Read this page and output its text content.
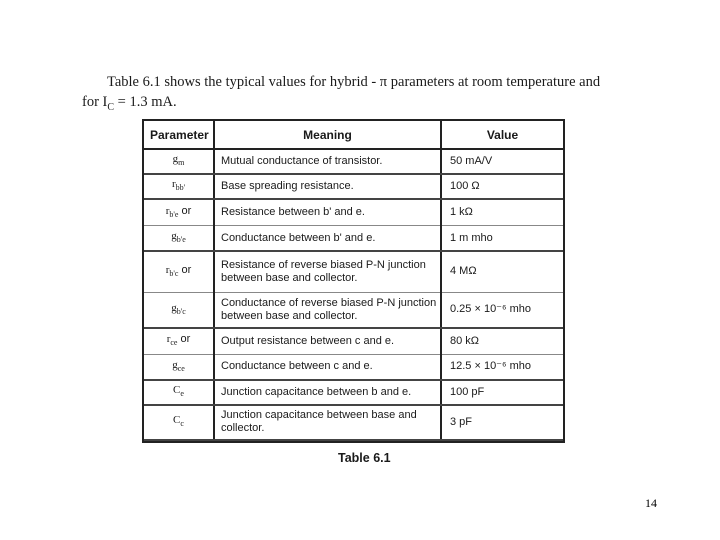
Table 6.1 shows the typical values for hybrid - π parameters at room temperature and
for $I_C = 1.3$ mA.
Parameter	Meaning	Value
$g_m$	Mutual conductance of transistor.	50 mA/V
$r_{bb'}$	Base spreading resistance.	100 Ω
$r_{b'e}$ or	Resistance between b' and e.	1 kΩ
$g_{b'e}$	Conductance between b' and e.	1 m mho
$r_{b'c}$ or	Resistance of reverse biased P-N junction between base and collector.	4 MΩ
$g_{b'c}$	Conductance of reverse biased P-N junction between base and collector.	0.25 × 10⁻⁶ mho
$r_{ce}$ or	Output resistance between c and e.	80 kΩ
$g_{ce}$	Conductance between c and e.	12.5 × 10⁻⁶ mho
$C_e$	Junction capacitance between b and e.	100 pF
$C_c$	Junction capacitance between base and collector.	3 pF
Table 6.1
14
